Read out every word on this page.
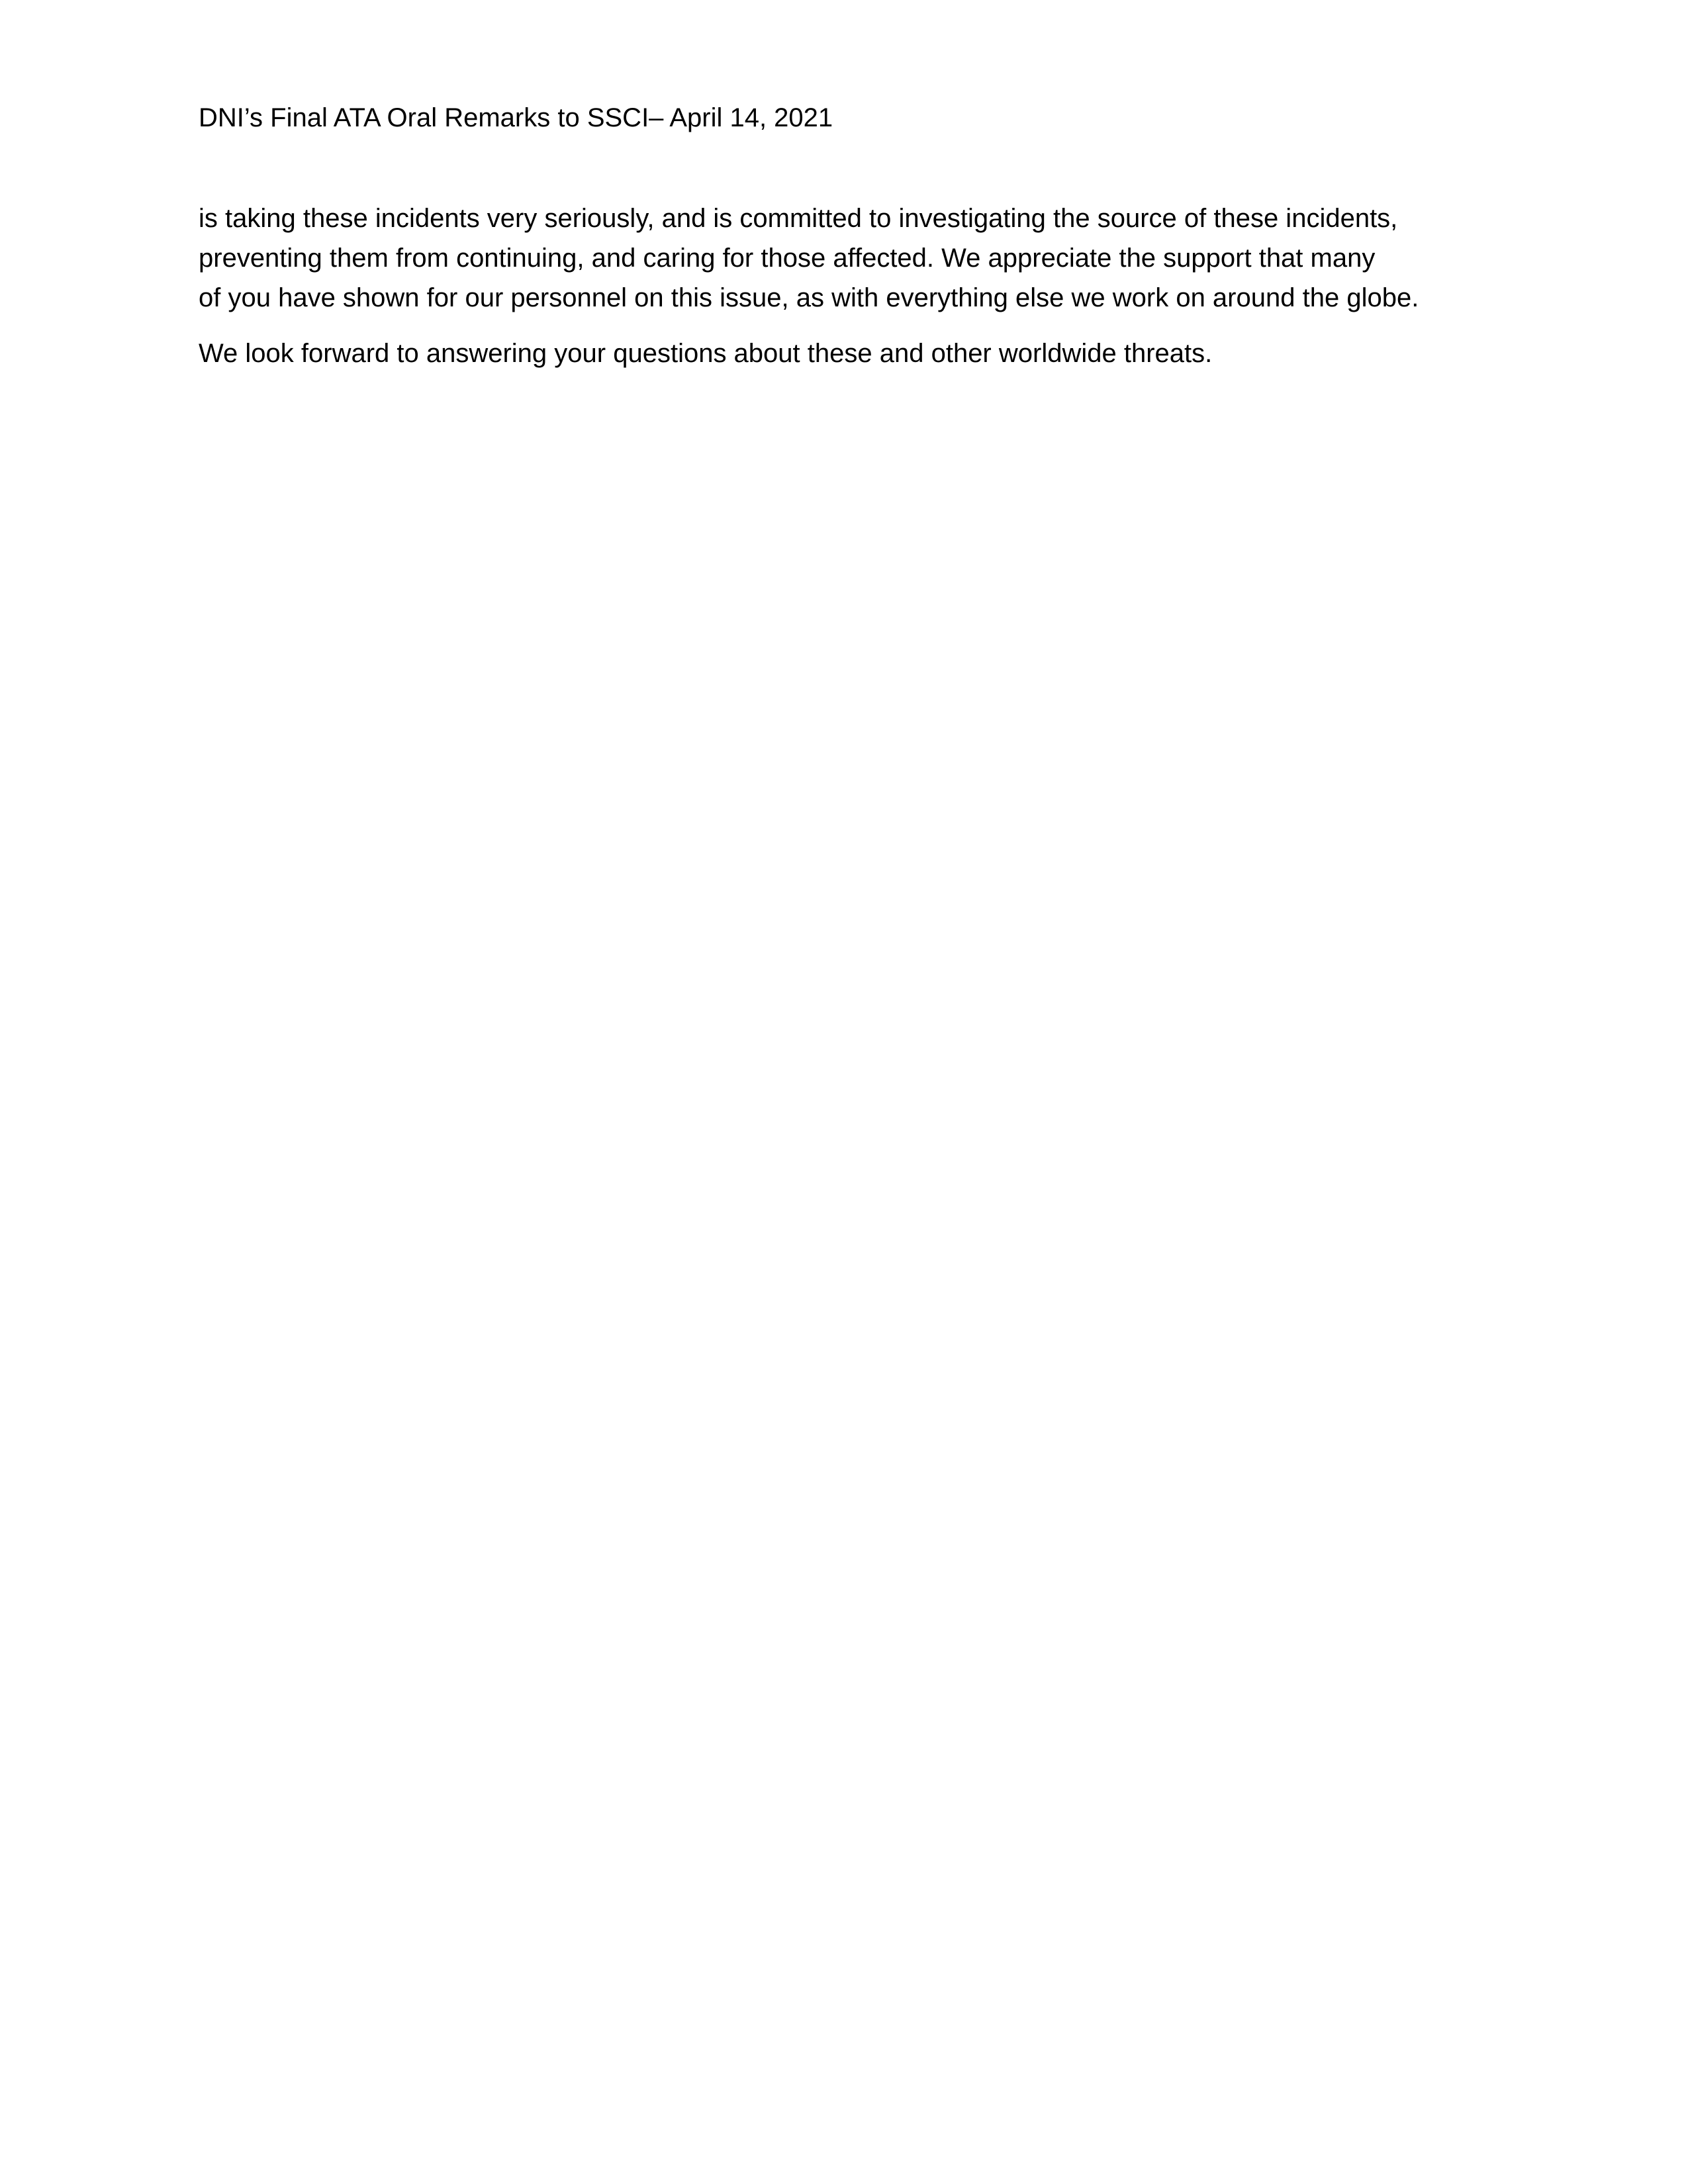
DNI’s Final ATA Oral Remarks to SSCI– April 14, 2021

is taking these incidents very seriously, and is committed to investigating the source of these incidents,
preventing them from continuing, and caring for those affected. We appreciate the support that many
of you have shown for our personnel on this issue, as with everything else we work on around the globe.

We look forward to answering your questions about these and other worldwide threats.
